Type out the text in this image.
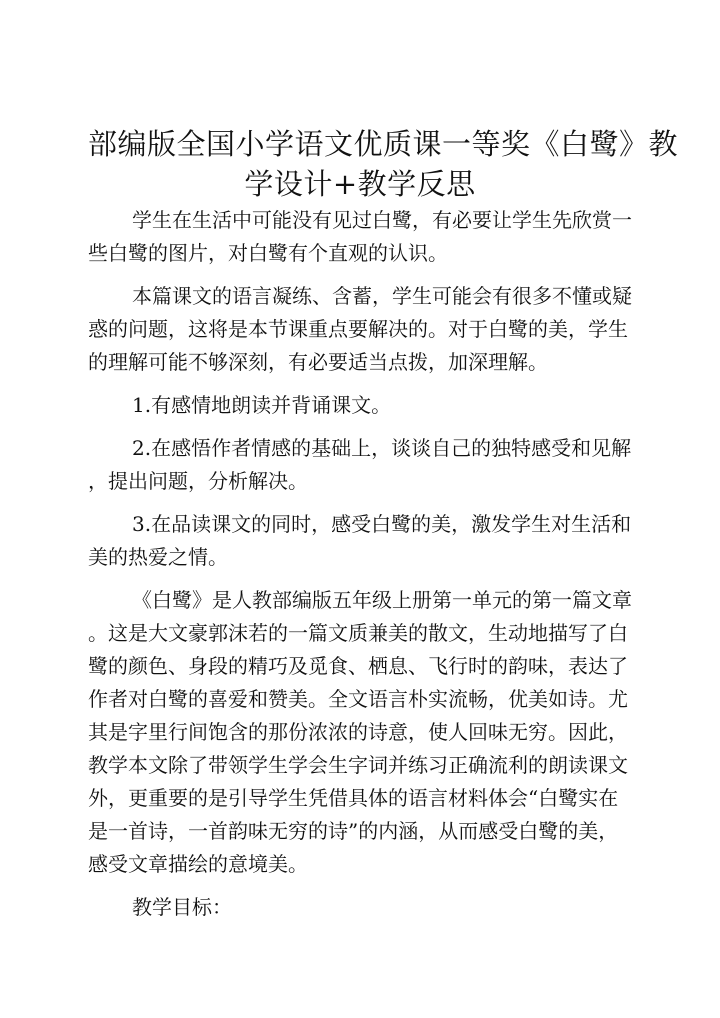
部编版全国小学语文优质课一等奖《白鹭》教
学设计+教学反思

学生在生活中可能没有见过白鹭，有必要让学生先欣赏一
些白鹭的图片，对白鹭有个直观的认识。

本篇课文的语言凝练、含蓄，学生可能会有很多不懂或疑
惑的问题，这将是本节课重点要解决的。对于白鹭的美，学生
的理解可能不够深刻，有必要适当点拨，加深理解。

1.有感情地朗读并背诵课文。

2.在感悟作者情感的基础上，谈谈自己的独特感受和见解
，提出问题，分析解决。

3.在品读课文的同时，感受白鹭的美，激发学生对生活和
美的热爱之情。

《白鹭》是人教部编版五年级上册第一单元的第一篇文章
。这是大文豪郭沫若的一篇文质兼美的散文，生动地描写了白
鹭的颜色、身段的精巧及觅食、栖息、飞行时的韵味，表达了
作者对白鹭的喜爱和赞美。全文语言朴实流畅，优美如诗。尤
其是字里行间饱含的那份浓浓的诗意，使人回味无穷。因此，
教学本文除了带领学生学会生字词并练习正确流利的朗读课文
外，更重要的是引导学生凭借具体的语言材料体会“白鹭实在
是一首诗，一首韵味无穷的诗”的内涵，从而感受白鹭的美，
感受文章描绘的意境美。

教学目标：
